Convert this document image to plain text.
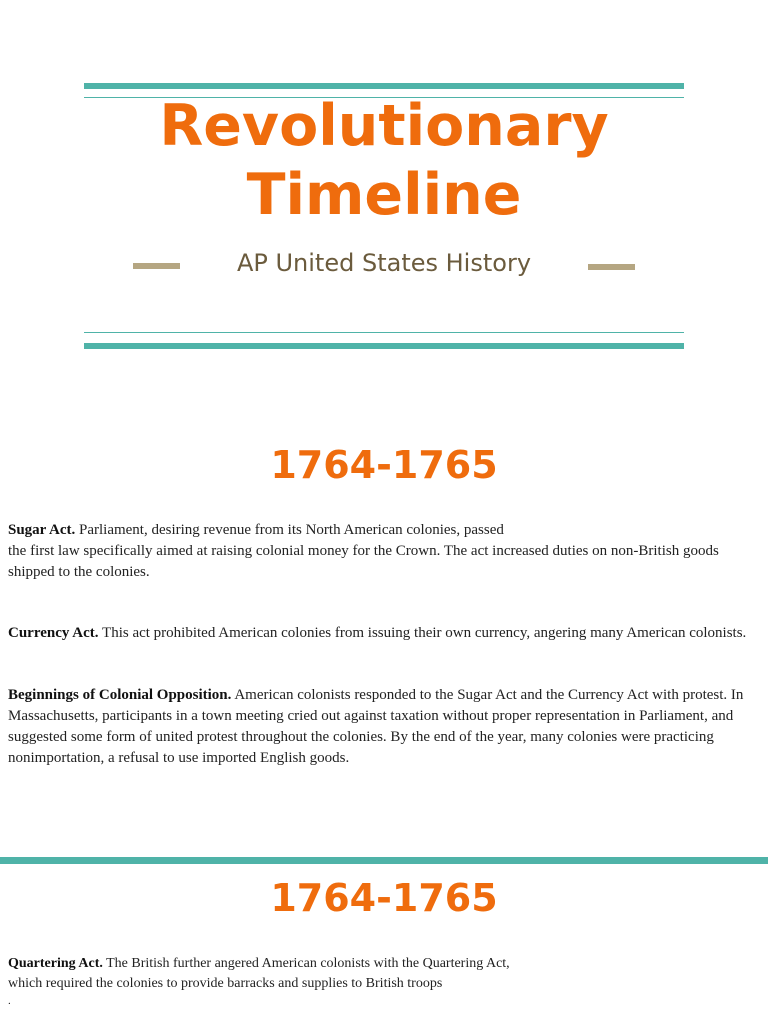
Revolutionary
Timeline
AP United States History
1764-1765
Sugar Act. Parliament, desiring revenue from its North American colonies, passed
the first law specifically aimed at raising colonial money for the Crown. The act increased duties on non-British goods shipped to the colonies.
Currency Act. This act prohibited American colonies from issuing their own currency, angering many American colonists.
Beginnings of Colonial Opposition. American colonists responded to the Sugar Act and the Currency Act with protest. In Massachusetts, participants in a town meeting cried out against taxation without proper representation in Parliament, and suggested some form of united protest throughout the colonies. By the end of the year, many colonies were practicing nonimportation, a refusal to use imported English goods.
1764-1765
Quartering Act. The British further angered American colonists with the Quartering Act,
which required the colonies to provide barracks and supplies to British troops
.
